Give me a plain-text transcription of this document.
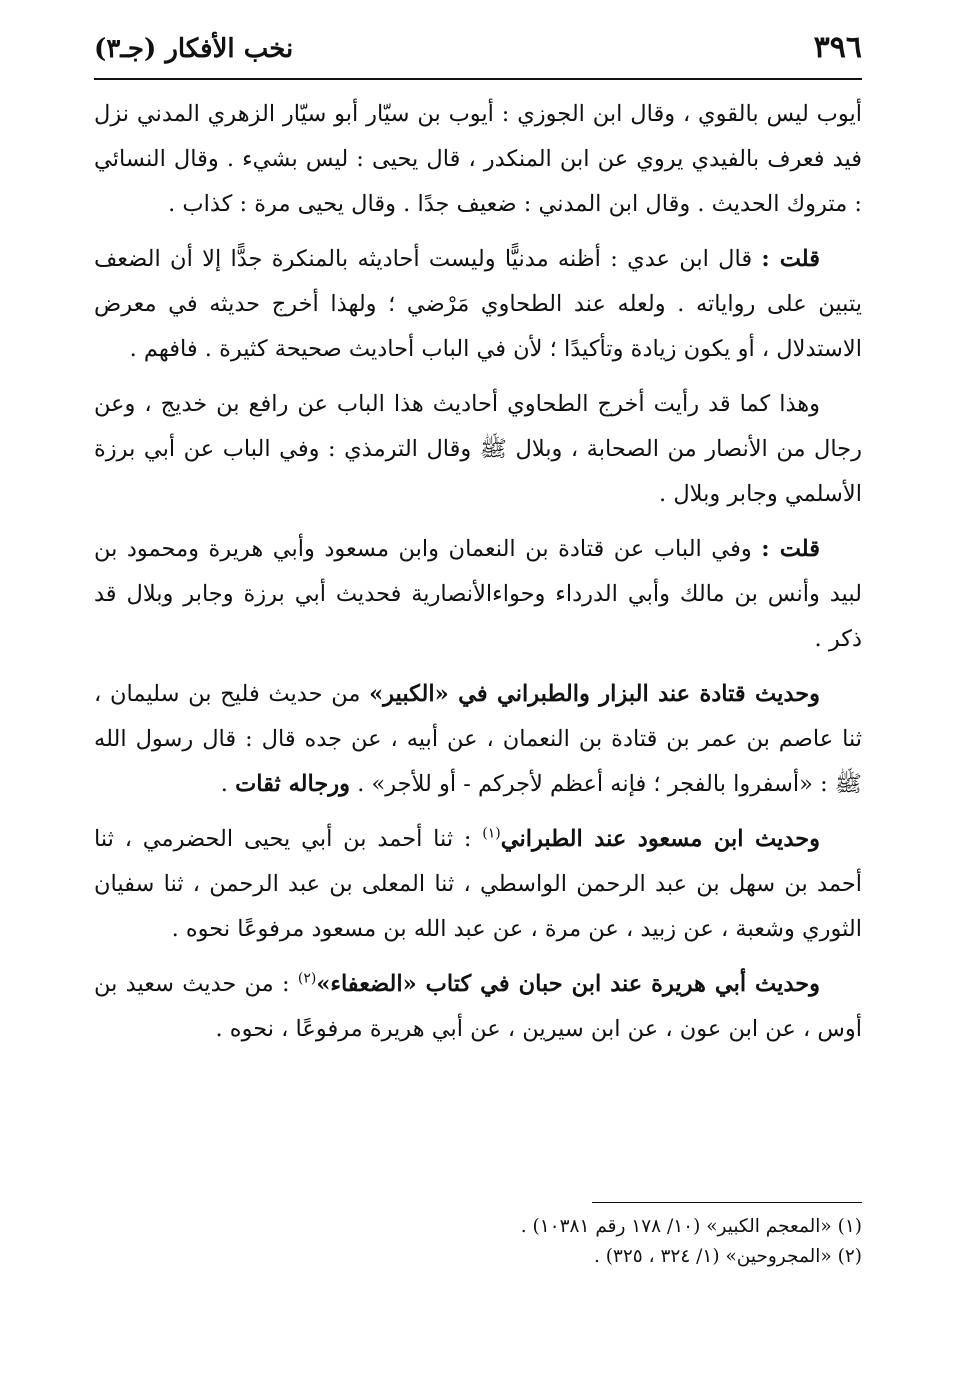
٣٩٦
نخب الأفكار (جـ٣)

أيوب ليس بالقوي ، وقال ابن الجوزي : أيوب بن سيّار أبو سيّار الزهري المدني نزل فيد فعرف بالفيدي يروي عن ابن المنكدر ، قال يحيى : ليس بشيء . وقال النسائي : متروك الحديث . وقال ابن المدني : ضعيف جدًا . وقال يحيى مرة : كذاب .

قلت : قال ابن عدي : أظنه مدنيًّا وليست أحاديثه بالمنكرة جدًّا إلا أن الضعف يتبين على رواياته . ولعله عند الطحاوي مَرْضي ؛ ولهذا أخرج حديثه في معرض الاستدلال ، أو يكون زيادة وتأكيدًا ؛ لأن في الباب أحاديث صحيحة كثيرة . فافهم .

وهذا كما قد رأيت أخرج الطحاوي أحاديث هذا الباب عن رافع بن خديج ، وعن رجال من الأنصار من الصحابة ، وبلال ﷺ وقال الترمذي : وفي الباب عن أبي برزة الأسلمي وجابر وبلال .

قلت : وفي الباب عن قتادة بن النعمان وابن مسعود وأبي هريرة ومحمود بن لبيد وأنس بن مالك وأبي الدرداء وحواءالأنصارية فحديث أبي برزة وجابر وبلال قد ذكر .

وحديث قتادة عند البزار والطبراني في «الكبير» من حديث فليح بن سليمان ، ثنا عاصم بن عمر بن قتادة بن النعمان ، عن أبيه ، عن جده قال : قال رسول الله ﷺ : «أسفروا بالفجر ؛ فإنه أعظم لأجركم - أو للأجر» . ورجاله ثقات .

وحديث ابن مسعود عند الطبراني$^{(١)}$ : ثنا أحمد بن أبي يحيى الحضرمي ، ثنا أحمد بن سهل بن عبد الرحمن الواسطي ، ثنا المعلى بن عبد الرحمن ، ثنا سفيان الثوري وشعبة ، عن زبيد ، عن مرة ، عن عبد الله بن مسعود مرفوعًا نحوه .

وحديث أبي هريرة عند ابن حبان في كتاب «الضعفاء»$^{(٢)}$ : من حديث سعيد بن أوس ، عن ابن عون ، عن ابن سيرين ، عن أبي هريرة مرفوعًا ، نحوه .

(١) «المعجم الكبير» (١٠/ ١٧٨ رقم ١٠٣٨١) .

(٢) «المجروحين» (١/ ٣٢٤ ، ٣٢٥) .
